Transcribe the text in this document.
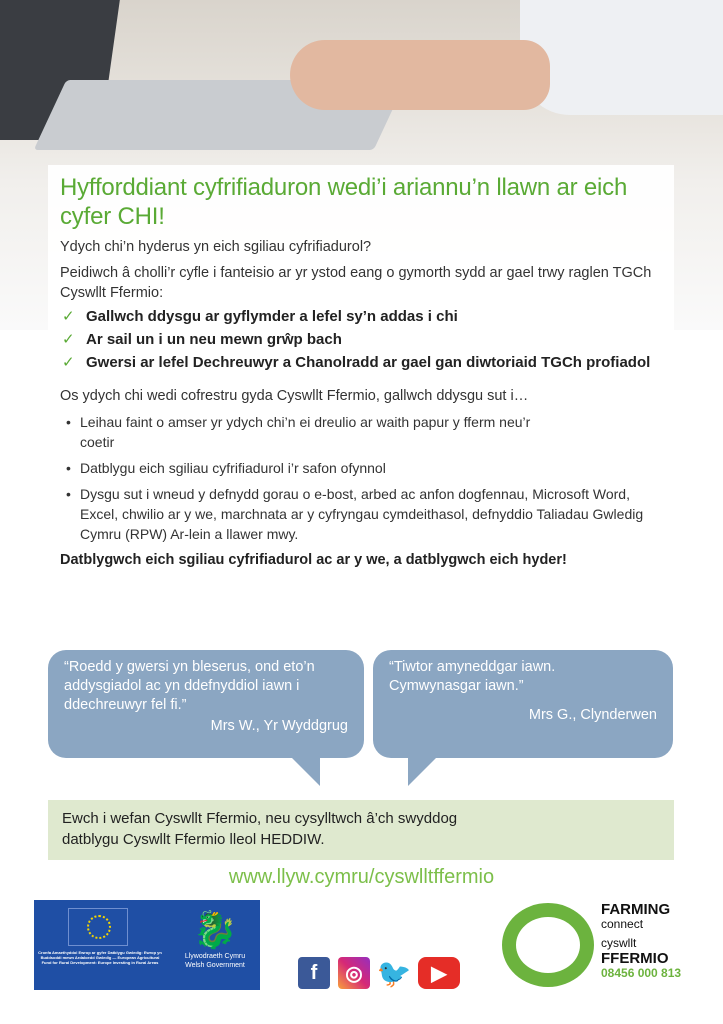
Hyfforddiant cyfrifiaduron wedi’i ariannu’n llawn ar eich cyfer CHI!

Ydych chi’n hyderus yn eich sgiliau cyfrifiadurol?

Peidiwch â cholli’r cyfle i fanteisio ar yr ystod eang o gymorth sydd ar gael trwy raglen TGCh Cyswllt Ffermio:

✓ Gallwch ddysgu ar gyflymder a lefel sy’n addas i chi
✓ Ar sail un i un neu mewn grŵp bach
✓ Gwersi ar lefel Dechreuwyr a Chanolradd ar gael gan diwtoriaid TGCh profiadol

Os ydych chi wedi cofrestru gyda Cyswllt Ffermio, gallwch ddysgu sut i…

• Leihau faint o amser yr ydych chi’n ei dreulio ar waith papur y fferm neu’r coetir
• Datblygu eich sgiliau cyfrifiadurol i’r safon ofynnol
• Dysgu sut i wneud y defnydd gorau o e-bost, arbed ac anfon dogfennau, Microsoft Word, Excel, chwilio ar y we, marchnata ar y cyfryngau cymdeithasol, defnyddio Taliadau Gwledig Cymru (RPW) Ar-lein a llawer mwy.

Datblygwch eich sgiliau cyfrifiadurol ac ar y we, a datblygwch eich hyder!

“Roedd y gwersi yn bleserus, ond eto’n addysgiadol ac yn ddefnyddiol iawn i ddechreuwyr fel fi.”
Mrs W., Yr Wyddgrug
“Tiwtor amyneddgar iawn. Cymwynasgar iawn.”
Mrs G., Clynderwen
Ewch i wefan Cyswllt Ffermio, neu cysylltwch â’ch swyddog datblygu Cyswllt Ffermio lleol HEDDIW.
www.llyw.cymru/cyswlltffermio
Cronfa Amaethyddol Ewrop ar gyfer Datblygu Gwledig: Ewrop yn Buddsoddi mewn Ardaloedd Gwledig — European Agricultural Fund for Rural Development: Europe Investing in Rural Areas
🐉
Llywodraeth Cymru
Welsh Government	f	◎ 🐦 ▶
FARMING
connect
cyswllt
FFERMIO
08456 000 813
